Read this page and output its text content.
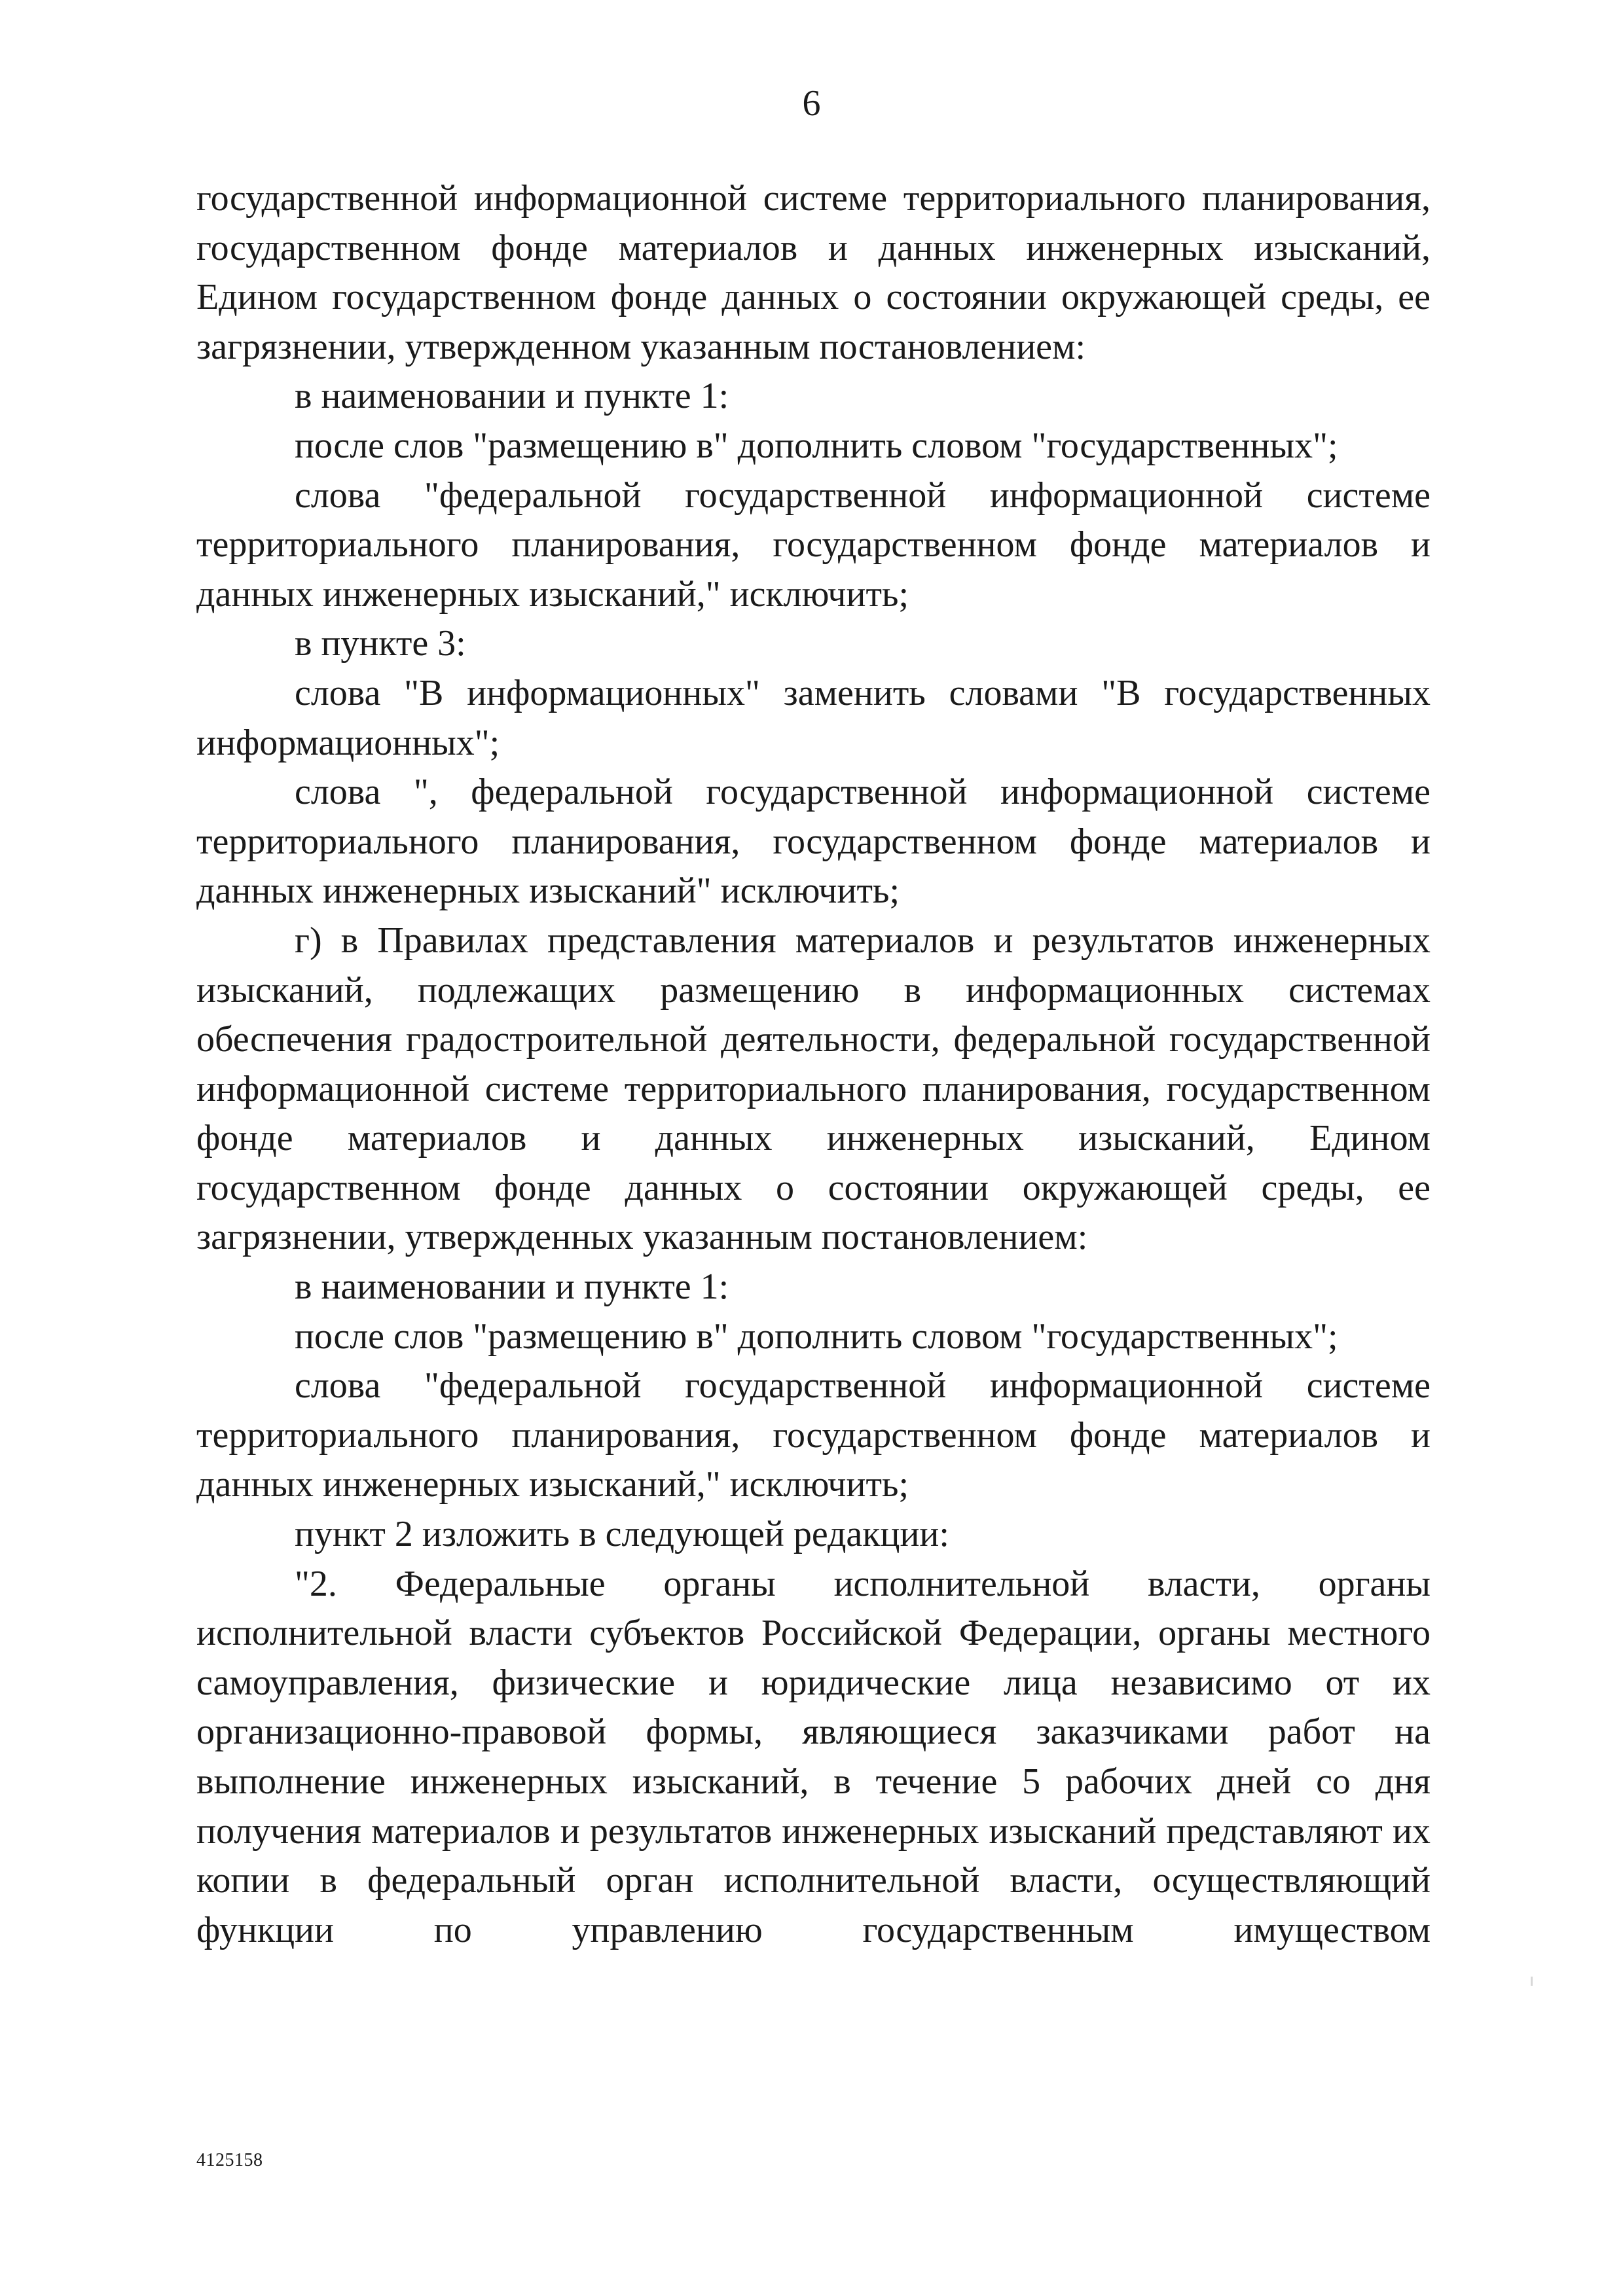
6

государственной информационной системе территориального планирования, государственном фонде материалов и данных инженерных изысканий, Едином государственном фонде данных о состоянии окружающей среды, ее загрязнении, утвержденном указанным постановлением:

в наименовании и пункте 1:

после слов "размещению в" дополнить словом "государственных";

слова "федеральной государственной информационной системе территориального планирования, государственном фонде материалов и данных инженерных изысканий," исключить;

в пункте 3:

слова "В информационных" заменить словами "В государственных информационных";

слова ", федеральной государственной информационной системе территориального планирования, государственном фонде материалов и данных инженерных изысканий" исключить;

г) в Правилах представления материалов и результатов инженерных изысканий, подлежащих размещению в информационных системах обеспечения градостроительной деятельности, федеральной государственной информационной системе территориального планирования, государственном фонде материалов и данных инженерных изысканий, Едином государственном фонде данных о состоянии окружающей среды, ее загрязнении, утвержденных указанным постановлением:

в наименовании и пункте 1:

после слов "размещению в" дополнить словом "государственных";

слова "федеральной государственной информационной системе территориального планирования, государственном фонде материалов и данных инженерных изысканий," исключить;

пункт 2 изложить в следующей редакции:

"2. Федеральные органы исполнительной власти, органы исполнительной власти субъектов Российской Федерации, органы местного самоуправления, физические и юридические лица независимо от их организационно-правовой формы, являющиеся заказчиками работ на выполнение инженерных изысканий, в течение 5 рабочих дней со дня получения материалов и результатов инженерных изысканий представляют их копии в федеральный орган исполнительной власти, осуществляющий функции по управлению государственным имуществом

4125158
